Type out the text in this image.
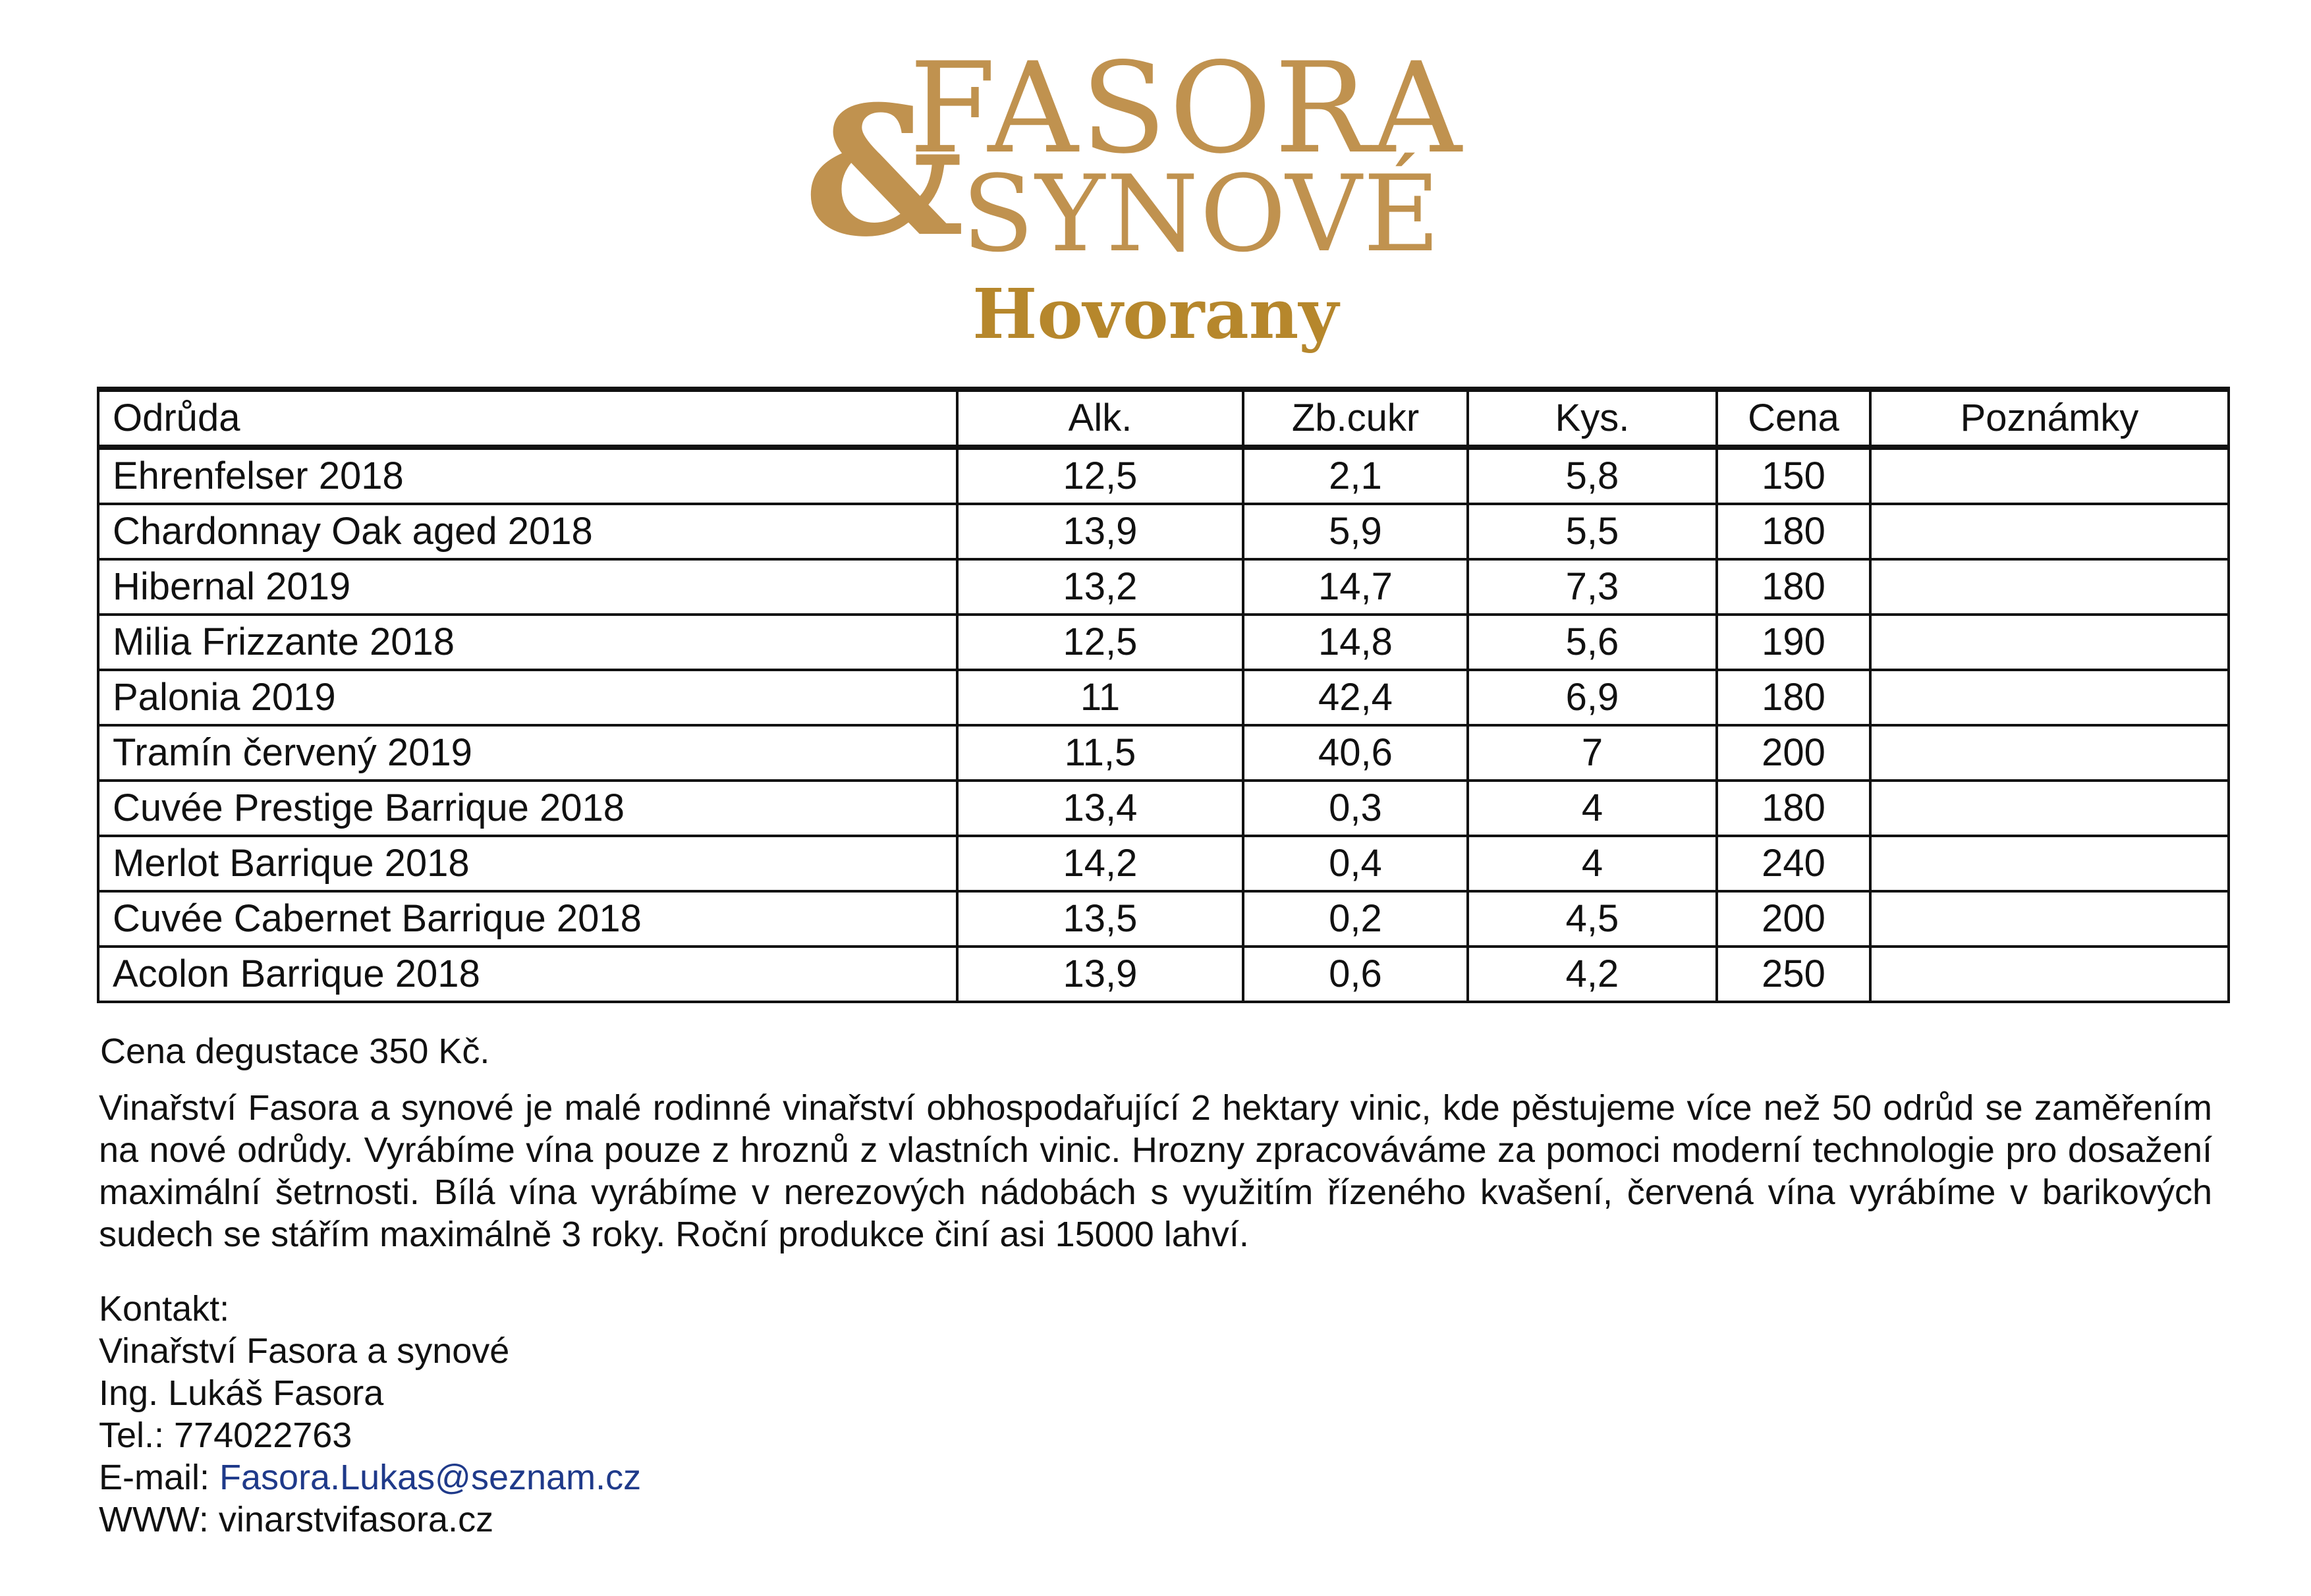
&
FASORA
SYNOVÉ
Hovorany
Odrůda	Alk.	Zb.cukr	Kys.	Cena	Poznámky
Ehrenfelser 2018	12,5	2,1	5,8	150	
Chardonnay Oak aged 2018	13,9	5,9	5,5	180	
Hibernal 2019	13,2	14,7	7,3	180	
Milia Frizzante 2018	12,5	14,8	5,6	190	
Palonia 2019	11	42,4	6,9	180	
Tramín červený 2019	11,5	40,6	7	200	
Cuvée Prestige Barrique 2018	13,4	0,3	4	180	
Merlot Barrique 2018	14,2	0,4	4	240	
Cuvée Cabernet Barrique 2018	13,5	0,2	4,5	200	
Acolon Barrique 2018	13,9	0,6	4,2	250	
Cena degustace 350 Kč.
Vinařství Fasora a synové je malé rodinné vinařství obhospodařující 2 hektary vinic, kde pěstujeme více než 50 odrůd se zaměřením na nové odrůdy. Vyrábíme vína pouze z hroznů z vlastních vinic. Hrozny zpracováváme za pomoci moderní technologie pro dosažení maximální šetrnosti. Bílá vína vyrábíme v nerezových nádobách s využitím řízeného kvašení, červená vína vyrábíme v barikových sudech se stářím maximálně 3 roky. Roční produkce činí asi 15000 lahví.
Kontakt:
Vinařství Fasora a synové
Ing. Lukáš Fasora
Tel.: 774022763
E-mail: Fasora.Lukas@seznam.cz
WWW: vinarstvifasora.cz
